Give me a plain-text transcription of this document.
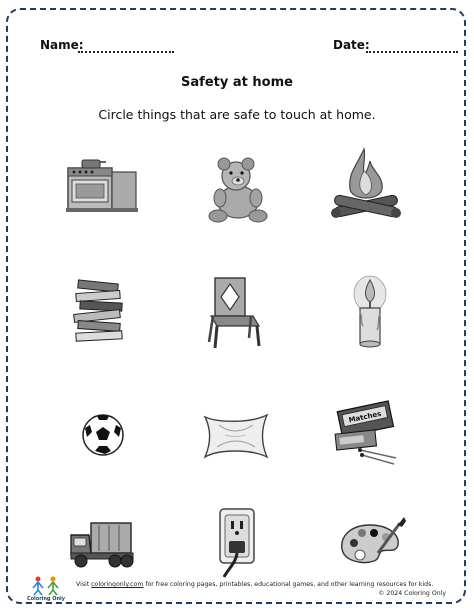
Name:	Date:
Safety at home
Circle things that are safe to touch at home.
Matches
Coloring Only
Visit coloringonly.com for free coloring pages, printables, educational games, and other learning resources for kids.
© 2024 Coloring Only
